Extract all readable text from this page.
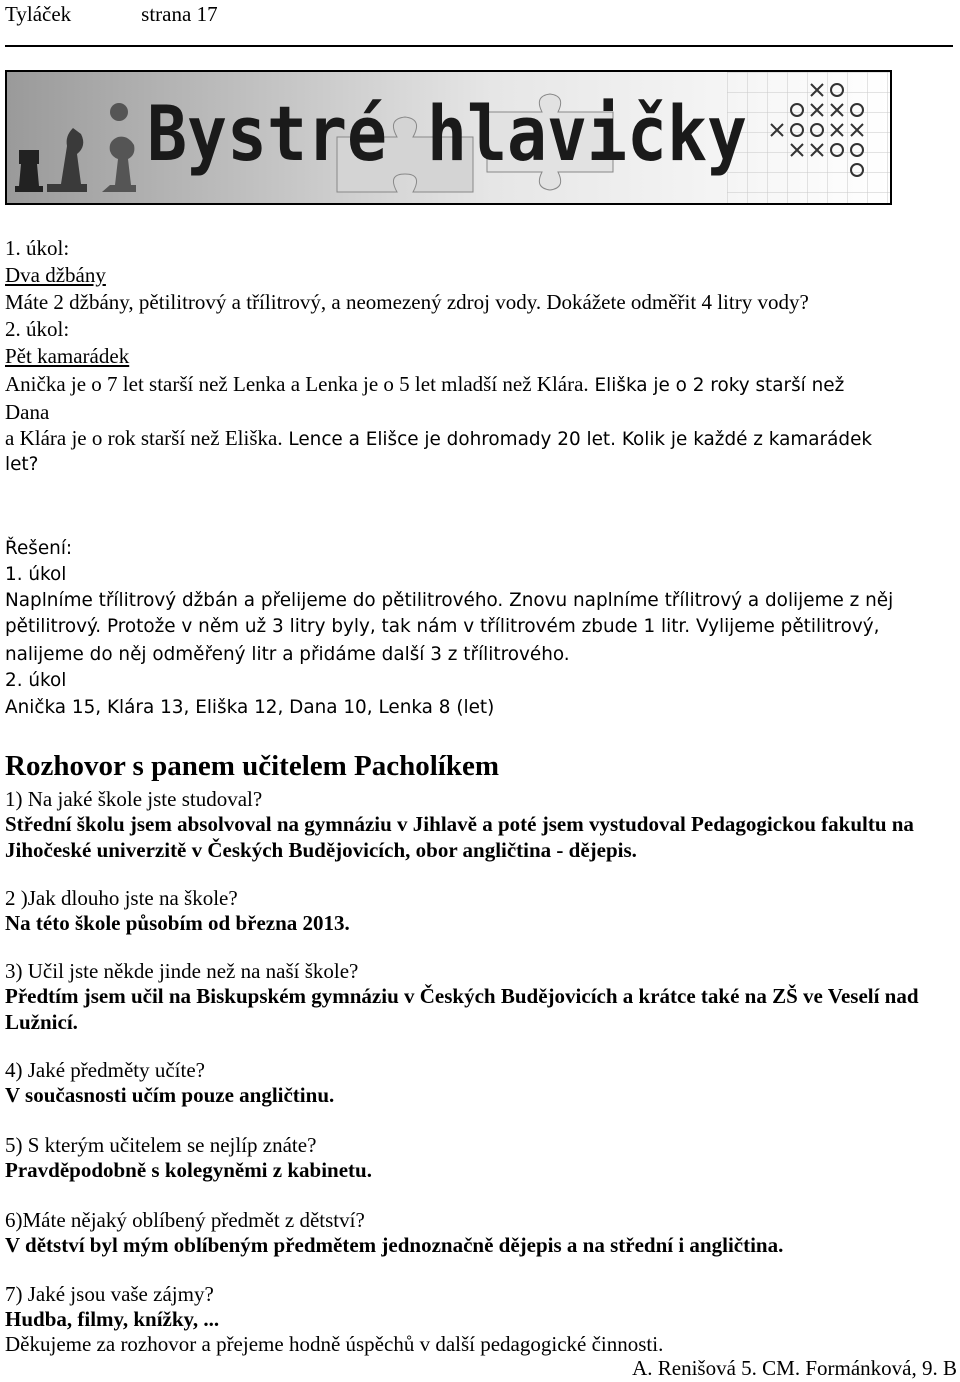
Tyláček	strana 17
Bystré hlavičky
1. úkol:
Dva džbány
Máte 2 džbány, pětilitrový a třílitrový, a neomezený zdroj vody. Dokážete odměřit 4 litry vody?
2. úkol:
Pět kamarádek
Anička je o 7 let starší než Lenka a Lenka je o 5 let mladší než Klára. Eliška je o 2 roky starší než
Dana
a Klára je o rok starší než Eliška. Lence a Elišce je dohromady 20 let. Kolik je každé z kamarádek
let?
Řešení:
1. úkol
Naplníme třílitrový džbán a přelijeme do pětilitrového. Znovu naplníme třílitrový a dolijeme z něj
pětilitrový. Protože v něm už 3 litry byly, tak nám v třílitrovém zbude 1 litr. Vylijeme pětilitrový,
nalijeme do něj odměřený litr a přidáme další 3 z třílitrového.
2. úkol
Anička 15, Klára 13, Eliška 12, Dana 10, Lenka 8 (let)
Rozhovor s panem učitelem Pacholíkem
1) Na jaké škole jste studoval?
Střední školu jsem absolvoval na gymnáziu v Jihlavě a poté jsem vystudoval Pedagogickou fakultu na
Jihočeské univerzitě v Českých Budějovicích, obor angličtina - dějepis.
2 )Jak dlouho jste na škole?
Na této škole působím od března 2013.
3) Učil jste někde jinde než na naší škole?
Předtím jsem učil na Biskupském gymnáziu v Českých Budějovicích a krátce také na ZŠ ve Veselí nad
Lužnicí.
4) Jaké předměty učíte?
V současnosti učím pouze angličtinu.
5) S kterým učitelem se nejlíp znáte?
Pravděpodobně s kolegyněmi z kabinetu.
6)Máte nějaký oblíbený předmět z dětství?
V dětství byl mým oblíbeným předmětem jednoznačně dějepis a na střední i angličtina.
7) Jaké jsou vaše zájmy?
Hudba, filmy, knížky, ...
Děkujeme za rozhovor a přejeme hodně úspěchů v další pedagogické činnosti.
A. Renišová 5. CM. Formánková, 9. B
